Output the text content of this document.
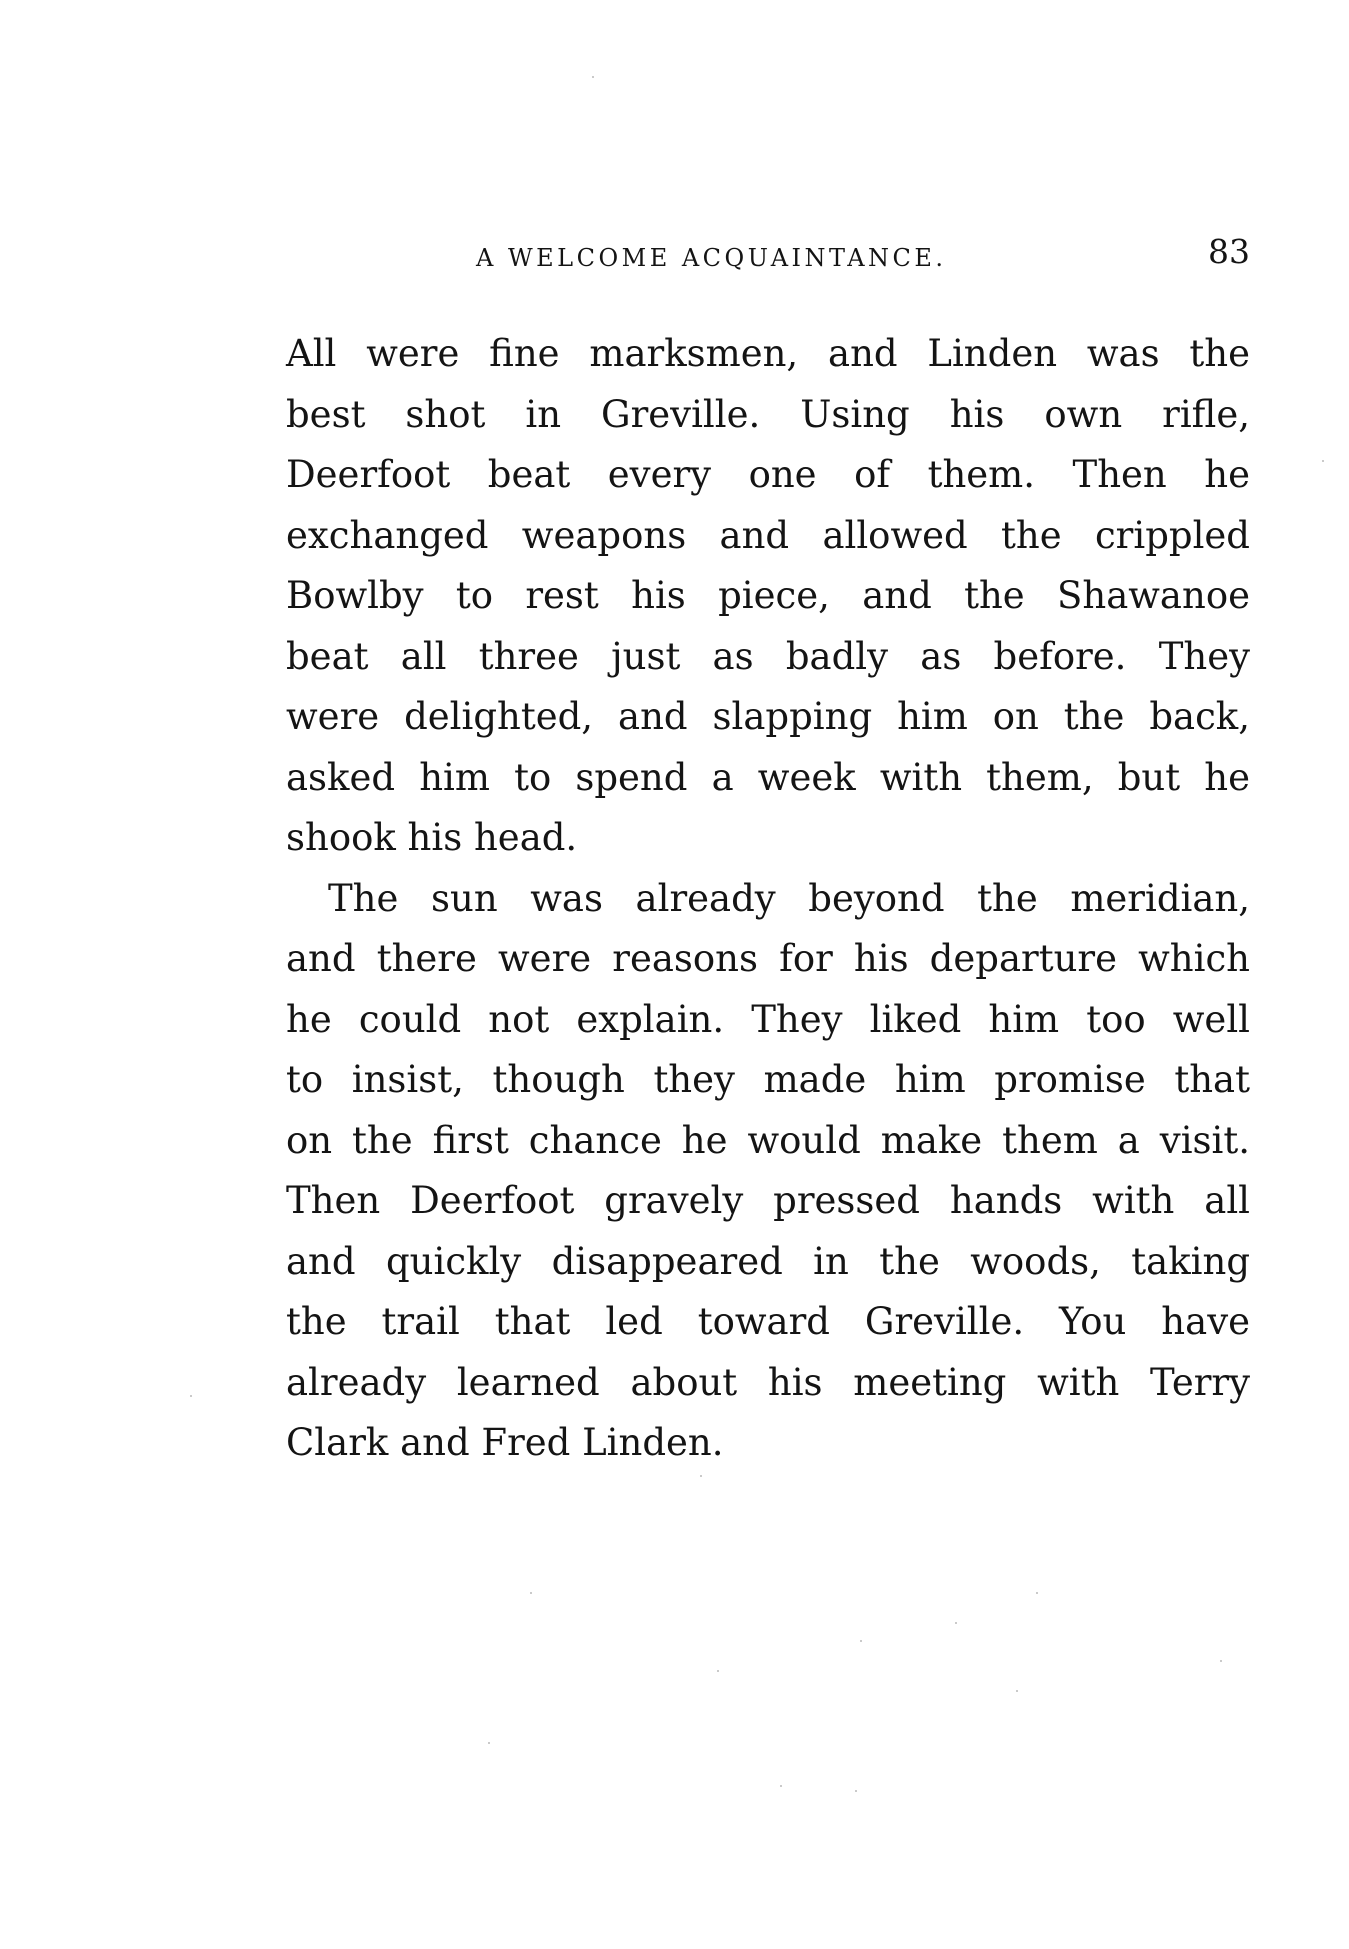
A WELCOME ACQUAINTANCE.	83
All were fine marksmen, and Linden was the
best shot in Greville. Using his own rifle,
Deerfoot beat every one of them. Then he
exchanged weapons and allowed the crippled
Bowlby to rest his piece, and the Shawanoe
beat all three just as badly as before. They
were delighted, and slapping him on the back,
asked him to spend a week with them, but he
shook his head.
The sun was already beyond the meridian,
and there were reasons for his departure which
he could not explain. They liked him too well
to insist, though they made him promise that
on the first chance he would make them a visit.
Then Deerfoot gravely pressed hands with all
and quickly disappeared in the woods, taking
the trail that led toward Greville. You have
already learned about his meeting with Terry
Clark and Fred Linden.
